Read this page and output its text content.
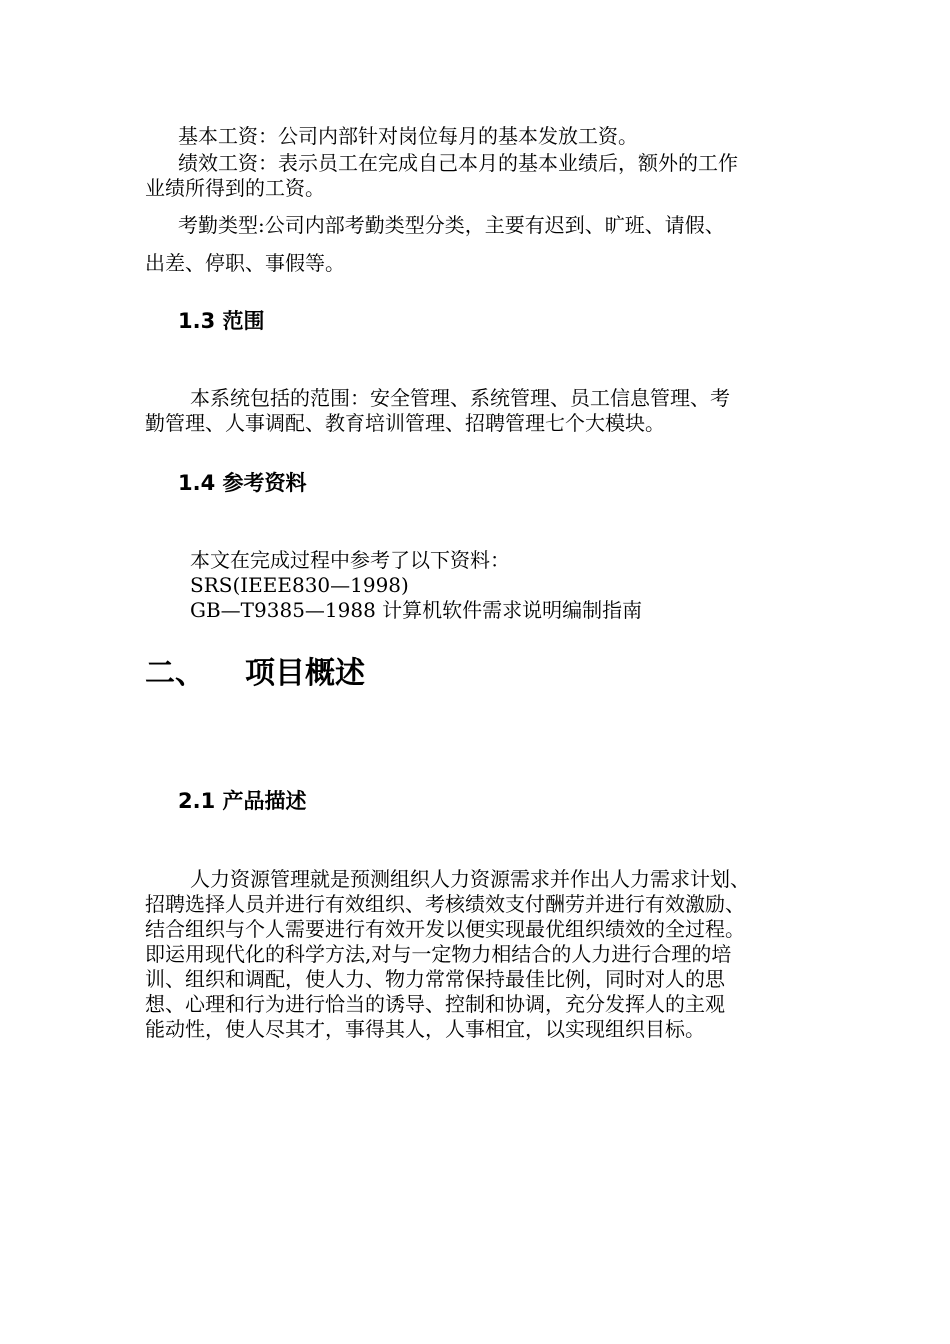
基本工资：公司内部针对岗位每月的基本发放工资。

绩效工资：表示员工在完成自己本月的基本业绩后，额外的工作

业绩所得到的工资。

考勤类型:公司内部考勤类型分类，主要有迟到、旷班、请假、

出差、停职、事假等。

1.3 范围

本系统包括的范围：安全管理、系统管理、员工信息管理、考

勤管理、人事调配、教育培训管理、招聘管理七个大模块。

1.4 参考资料

本文在完成过程中参考了以下资料：

SRS(IEEE830—1998)

GB—T9385—1988 计算机软件需求说明编制指南

二、 项目概述
2.1 产品描述

人力资源管理就是预测组织人力资源需求并作出人力需求计划、

招聘选择人员并进行有效组织、考核绩效支付酬劳并进行有效激励、

结合组织与个人需要进行有效开发以便实现最优组织绩效的全过程。

即运用现代化的科学方法,对与一定物力相结合的人力进行合理的培

训、组织和调配，使人力、物力常常保持最佳比例，同时对人的思

想、心理和行为进行恰当的诱导、控制和协调，充分发挥人的主观

能动性，使人尽其才，事得其人，人事相宜，以实现组织目标。
